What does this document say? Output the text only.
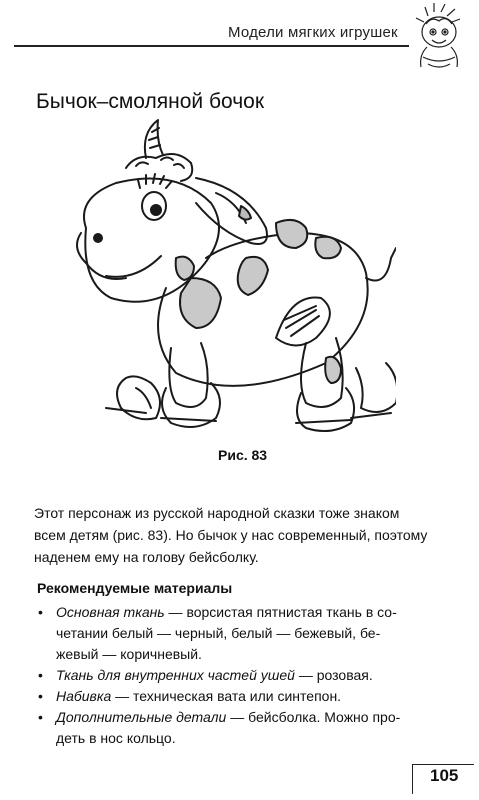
Модели мягких игрушек
Бычок–смоляной бочок
Рис. 83
Этот персонаж из русской народной сказки тоже знаком
всем детям (рис. 83). Но бычок у нас современный, поэтому
наденем ему на голову бейсболку.
Рекомендуемые материалы
• Основная ткань — ворсистая пятнистая ткань в со-
четании белый — черный, белый — бежевый, бе-
жевый — коричневый.
• Ткань для внутренних частей ушей — розовая.
• Набивка — техническая вата или синтепон.
• Дополнительные детали — бейсболка. Можно про-
деть в нос кольцо.
105
